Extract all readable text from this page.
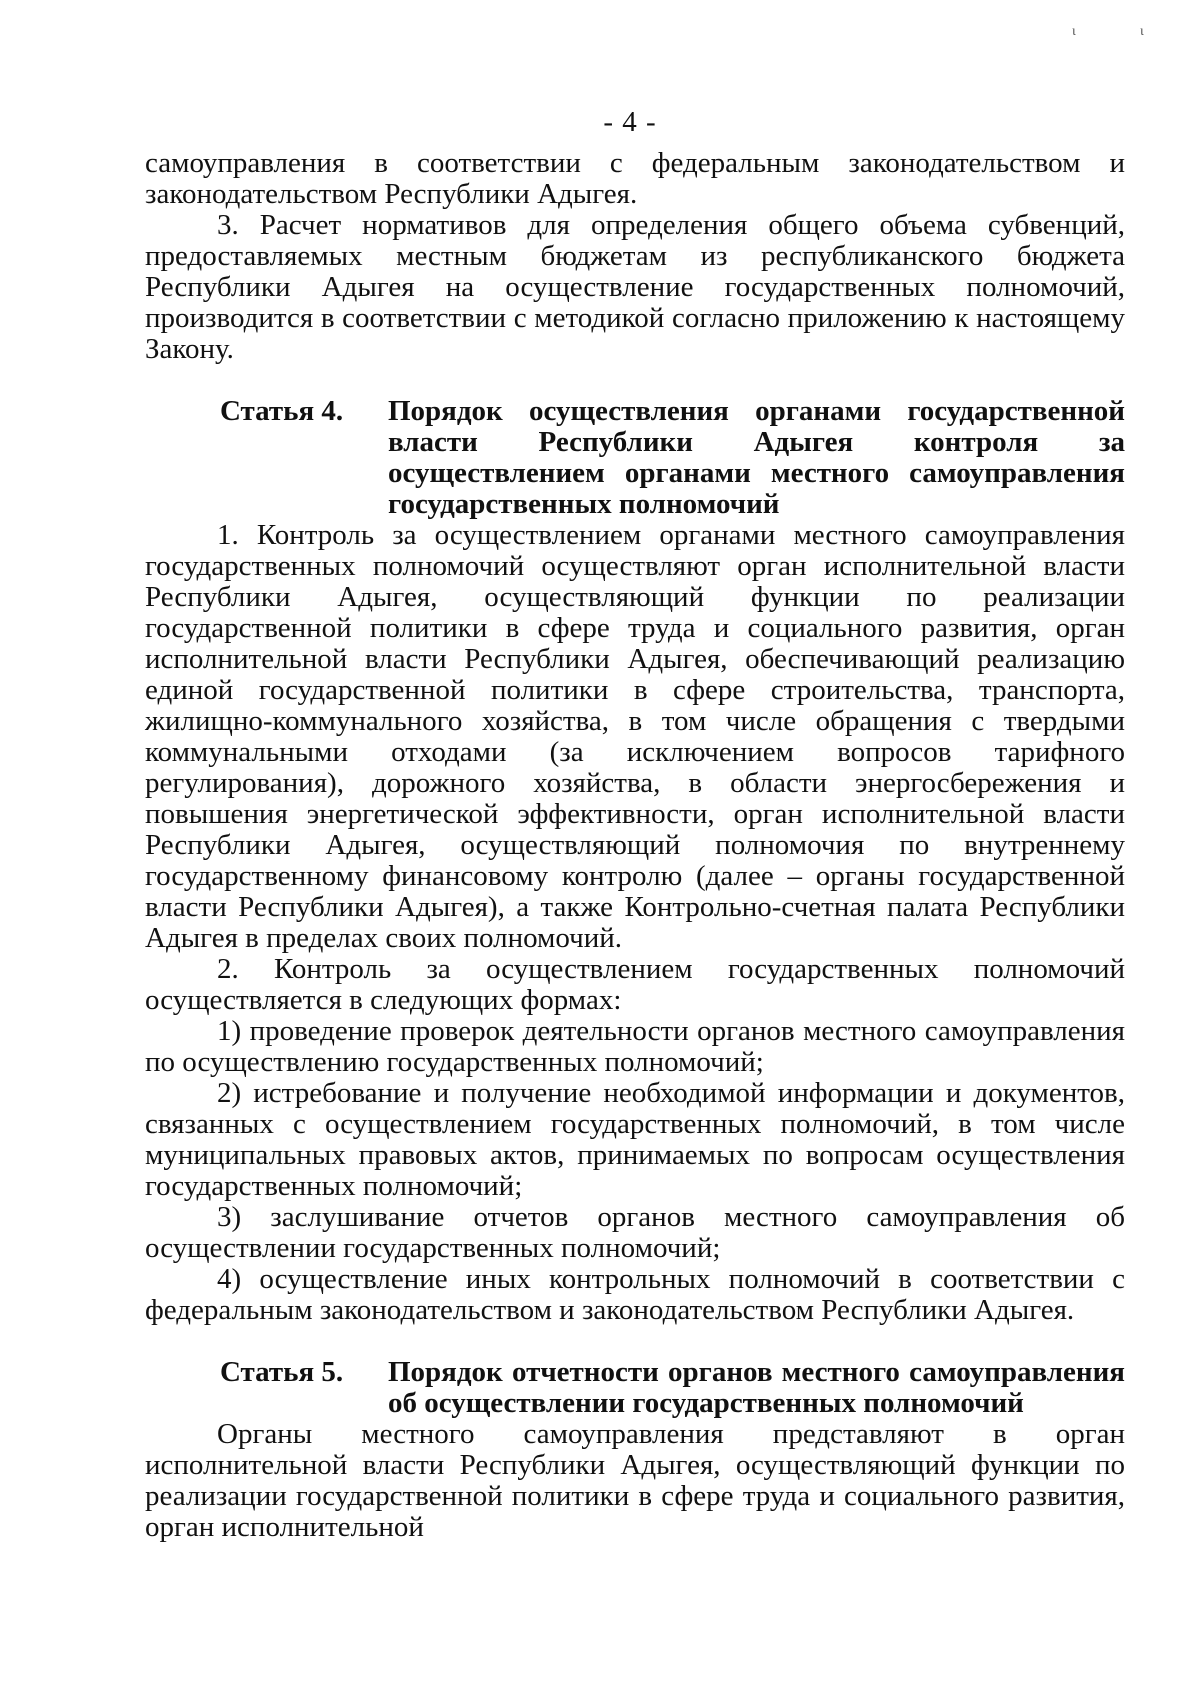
ι	ι
- 4 -

самоуправления в соответствии с федеральным законодательством и законодательством Республики Адыгея.

3. Расчет нормативов для определения общего объема субвенций, предоставляемых местным бюджетам из республиканского бюджета Республики Адыгея на осуществление государственных полномочий, производится в соответствии с методикой согласно приложению к настоящему Закону.

Статья 4.	Порядок осуществления органами государственной власти Республики Адыгея контроля за осуществлением органами местного самоуправления государственных полномочий

1. Контроль за осуществлением органами местного самоуправления государственных полномочий осуществляют орган исполнительной власти Республики Адыгея, осуществляющий функции по реализации государственной политики в сфере труда и социального развития, орган исполнительной власти Республики Адыгея, обеспечивающий реализацию единой государственной политики в сфере строительства, транспорта, жилищно-коммунального хозяйства, в том числе обращения с твердыми коммунальными отходами (за исключением вопросов тарифного регулирования), дорожного хозяйства, в области энергосбережения и повышения энергетической эффективности, орган исполнительной власти Республики Адыгея, осуществляющий полномочия по внутреннему государственному финансовому контролю (далее – органы государственной власти Республики Адыгея), а также Контрольно-счетная палата Республики Адыгея в пределах своих полномочий.

2. Контроль за осуществлением государственных полномочий осуществляется в следующих формах:

1) проведение проверок деятельности органов местного самоуправления по осуществлению государственных полномочий;

2) истребование и получение необходимой информации и документов, связанных с осуществлением государственных полномочий, в том числе муниципальных правовых актов, принимаемых по вопросам осуществления государственных полномочий;

3) заслушивание отчетов органов местного самоуправления об осуществлении государственных полномочий;

4) осуществление иных контрольных полномочий в соответствии с федеральным законодательством и законодательством Республики Адыгея.

Статья 5.	Порядок отчетности органов местного самоуправления об осуществлении государственных полномочий

Органы местного самоуправления представляют в орган исполнительной власти Республики Адыгея, осуществляющий функции по реализации государственной политики в сфере труда и социального развития, орган исполнительной
